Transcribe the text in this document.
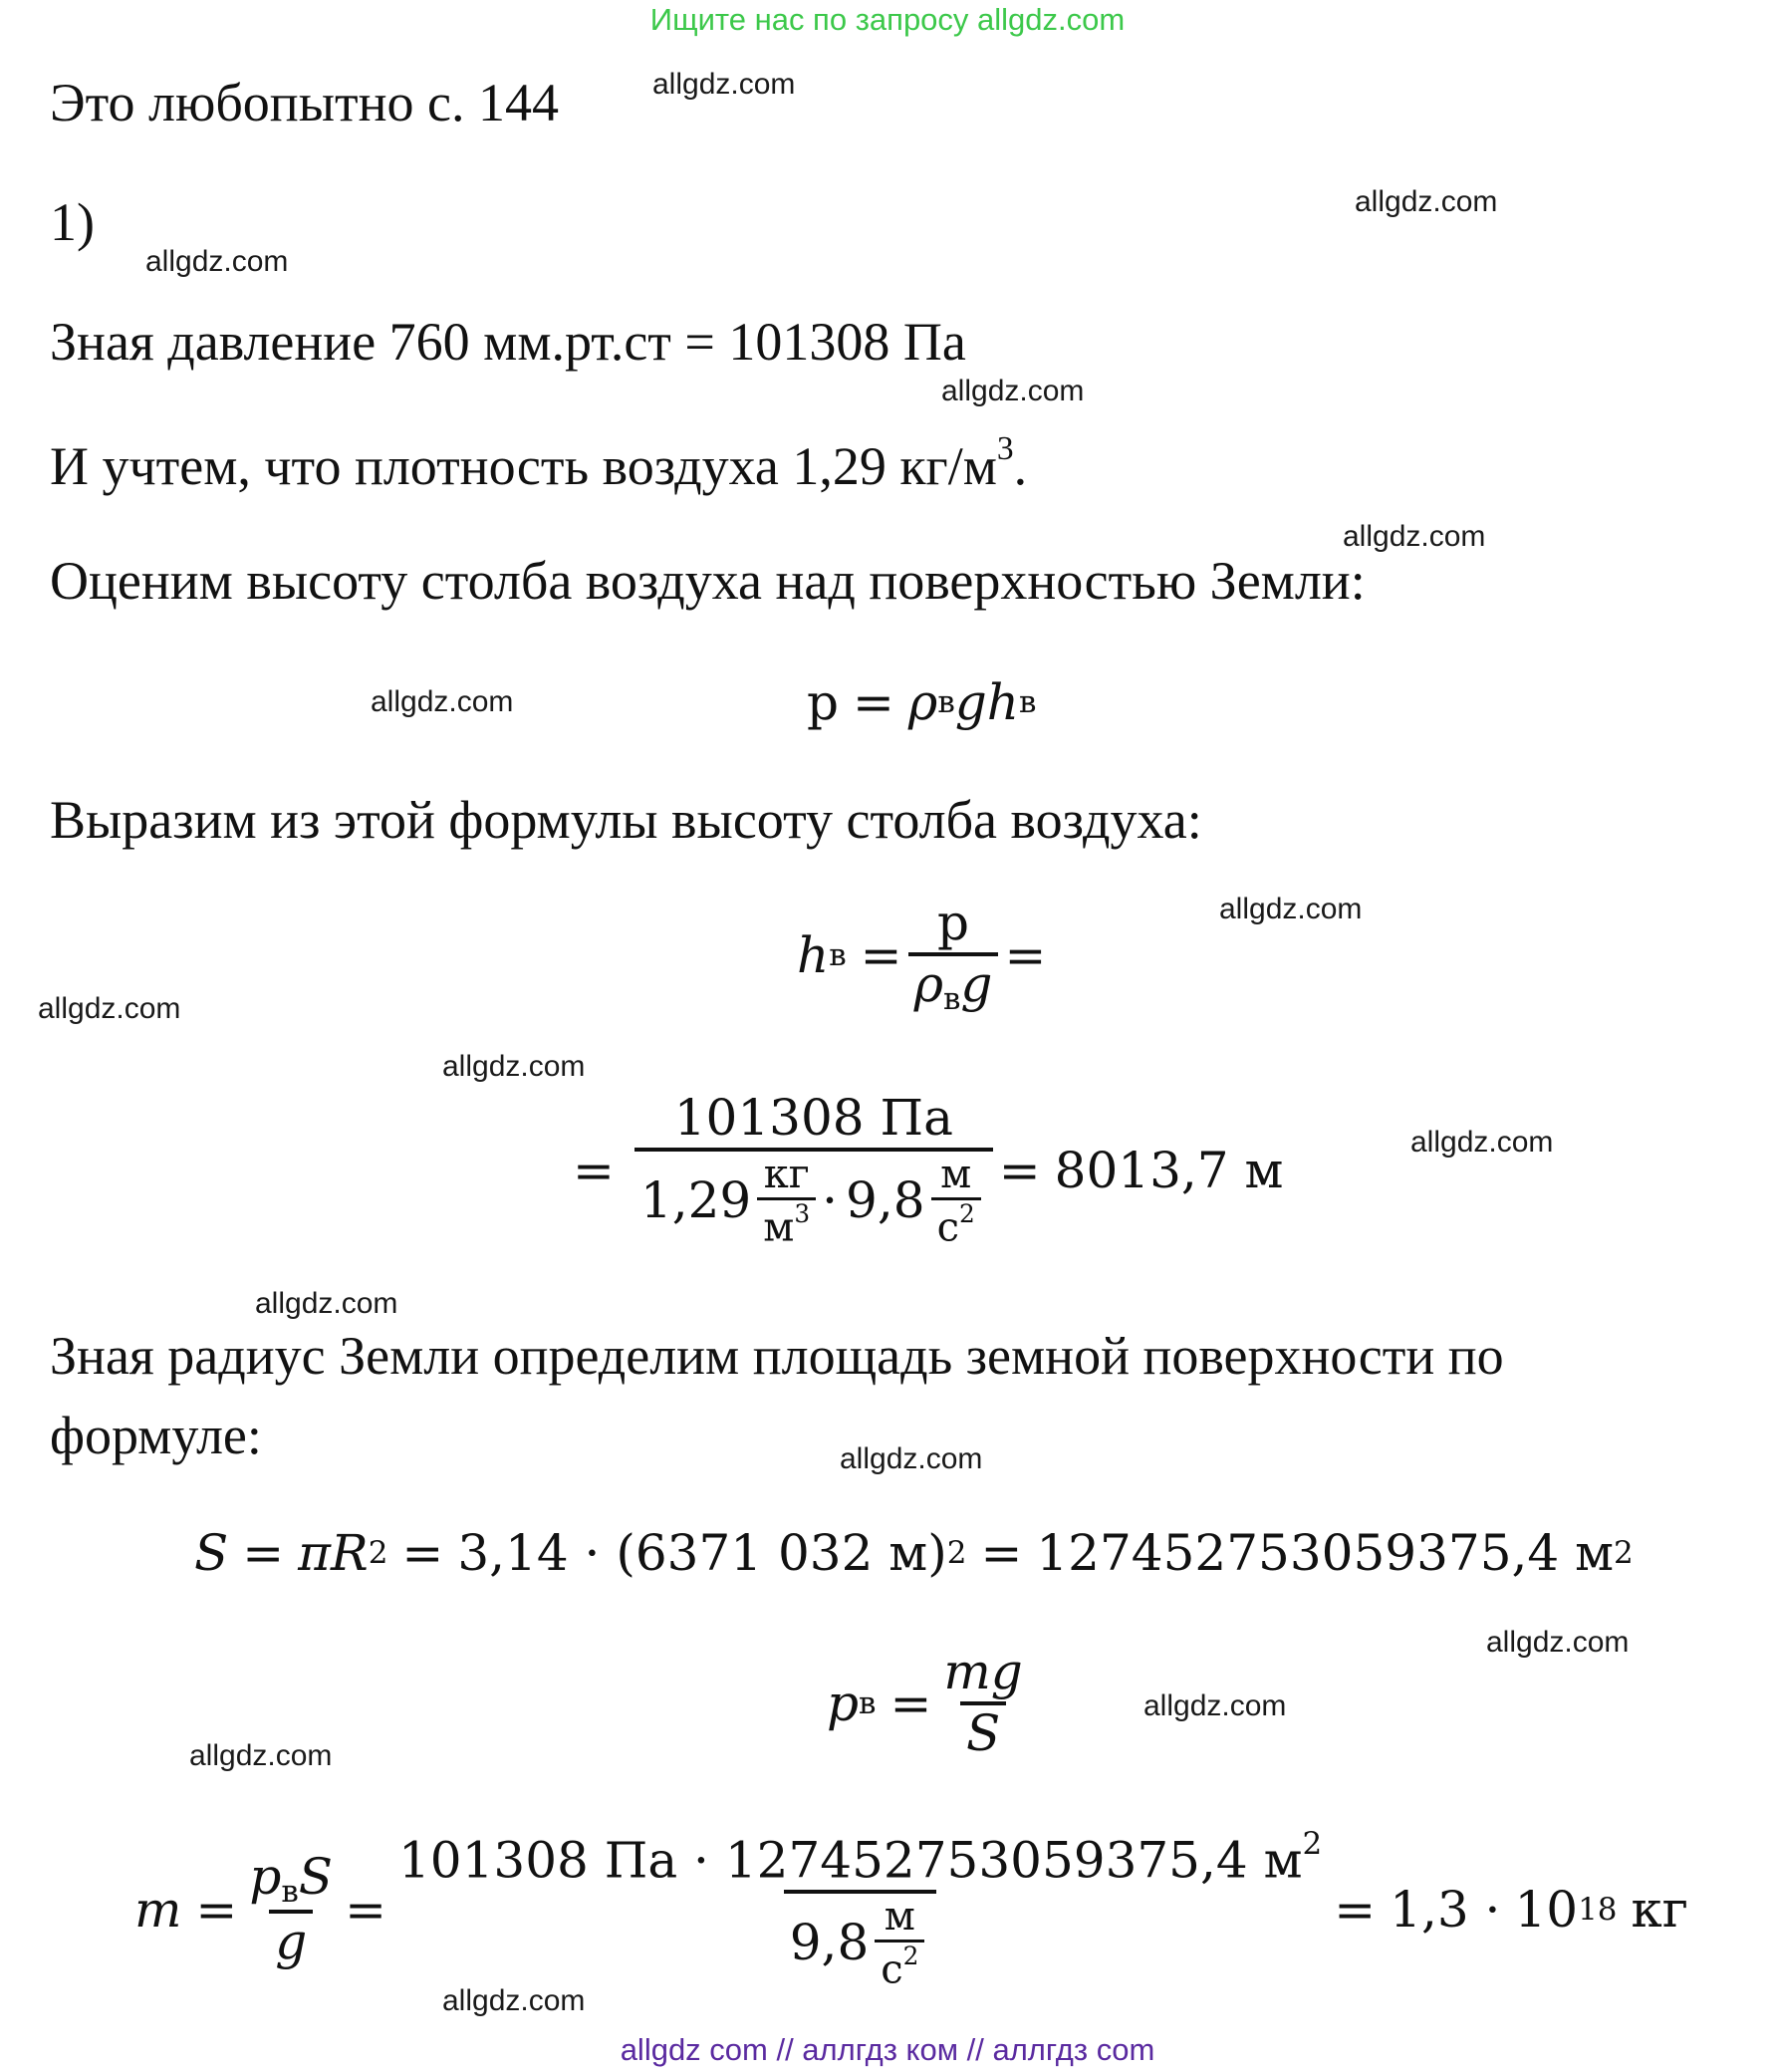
Ищите нас по запросу allgdz.com
allgdz com // аллгдз ком // аллгдз com
allgdz.com
allgdz.com
allgdz.com
allgdz.com
allgdz.com
allgdz.com
allgdz.com
allgdz.com
allgdz.com
allgdz.com
allgdz.com
allgdz.com
allgdz.com
allgdz.com
allgdz.com
allgdz.com
Это любопытно с. 144
1)
Зная давление 760 мм.рт.ст = 101308 Па
И учтем, что плотность воздуха 1,29 $кг/м^3$.
Оценим высоту столба воздуха над поверхностью Земли:
Выразим из этой формулы высоту столба воздуха:
Зная радиус Земли определим площадь земной поверхности по
формуле:
p = ρ в g h в
h $в = \frac{p}{\rho_вg}$ =
=
101308 Па
$1,29 \frac{кг}{м^3} \cdot 9,8 \frac{м}{с^2} = 8013,7$ м
S = πR 2 = 3,14 · (6371 032 м) 2 = 127452753059375,4 м 2
p $в = \frac{mg}{S}$
$m = \frac{p_вS}{g} = \frac{101308 Па \cdot 127452753059375,4 м^2}{9,8 \frac{м}{с^2}} = 1,3 \cdot 10$ 18 кг
